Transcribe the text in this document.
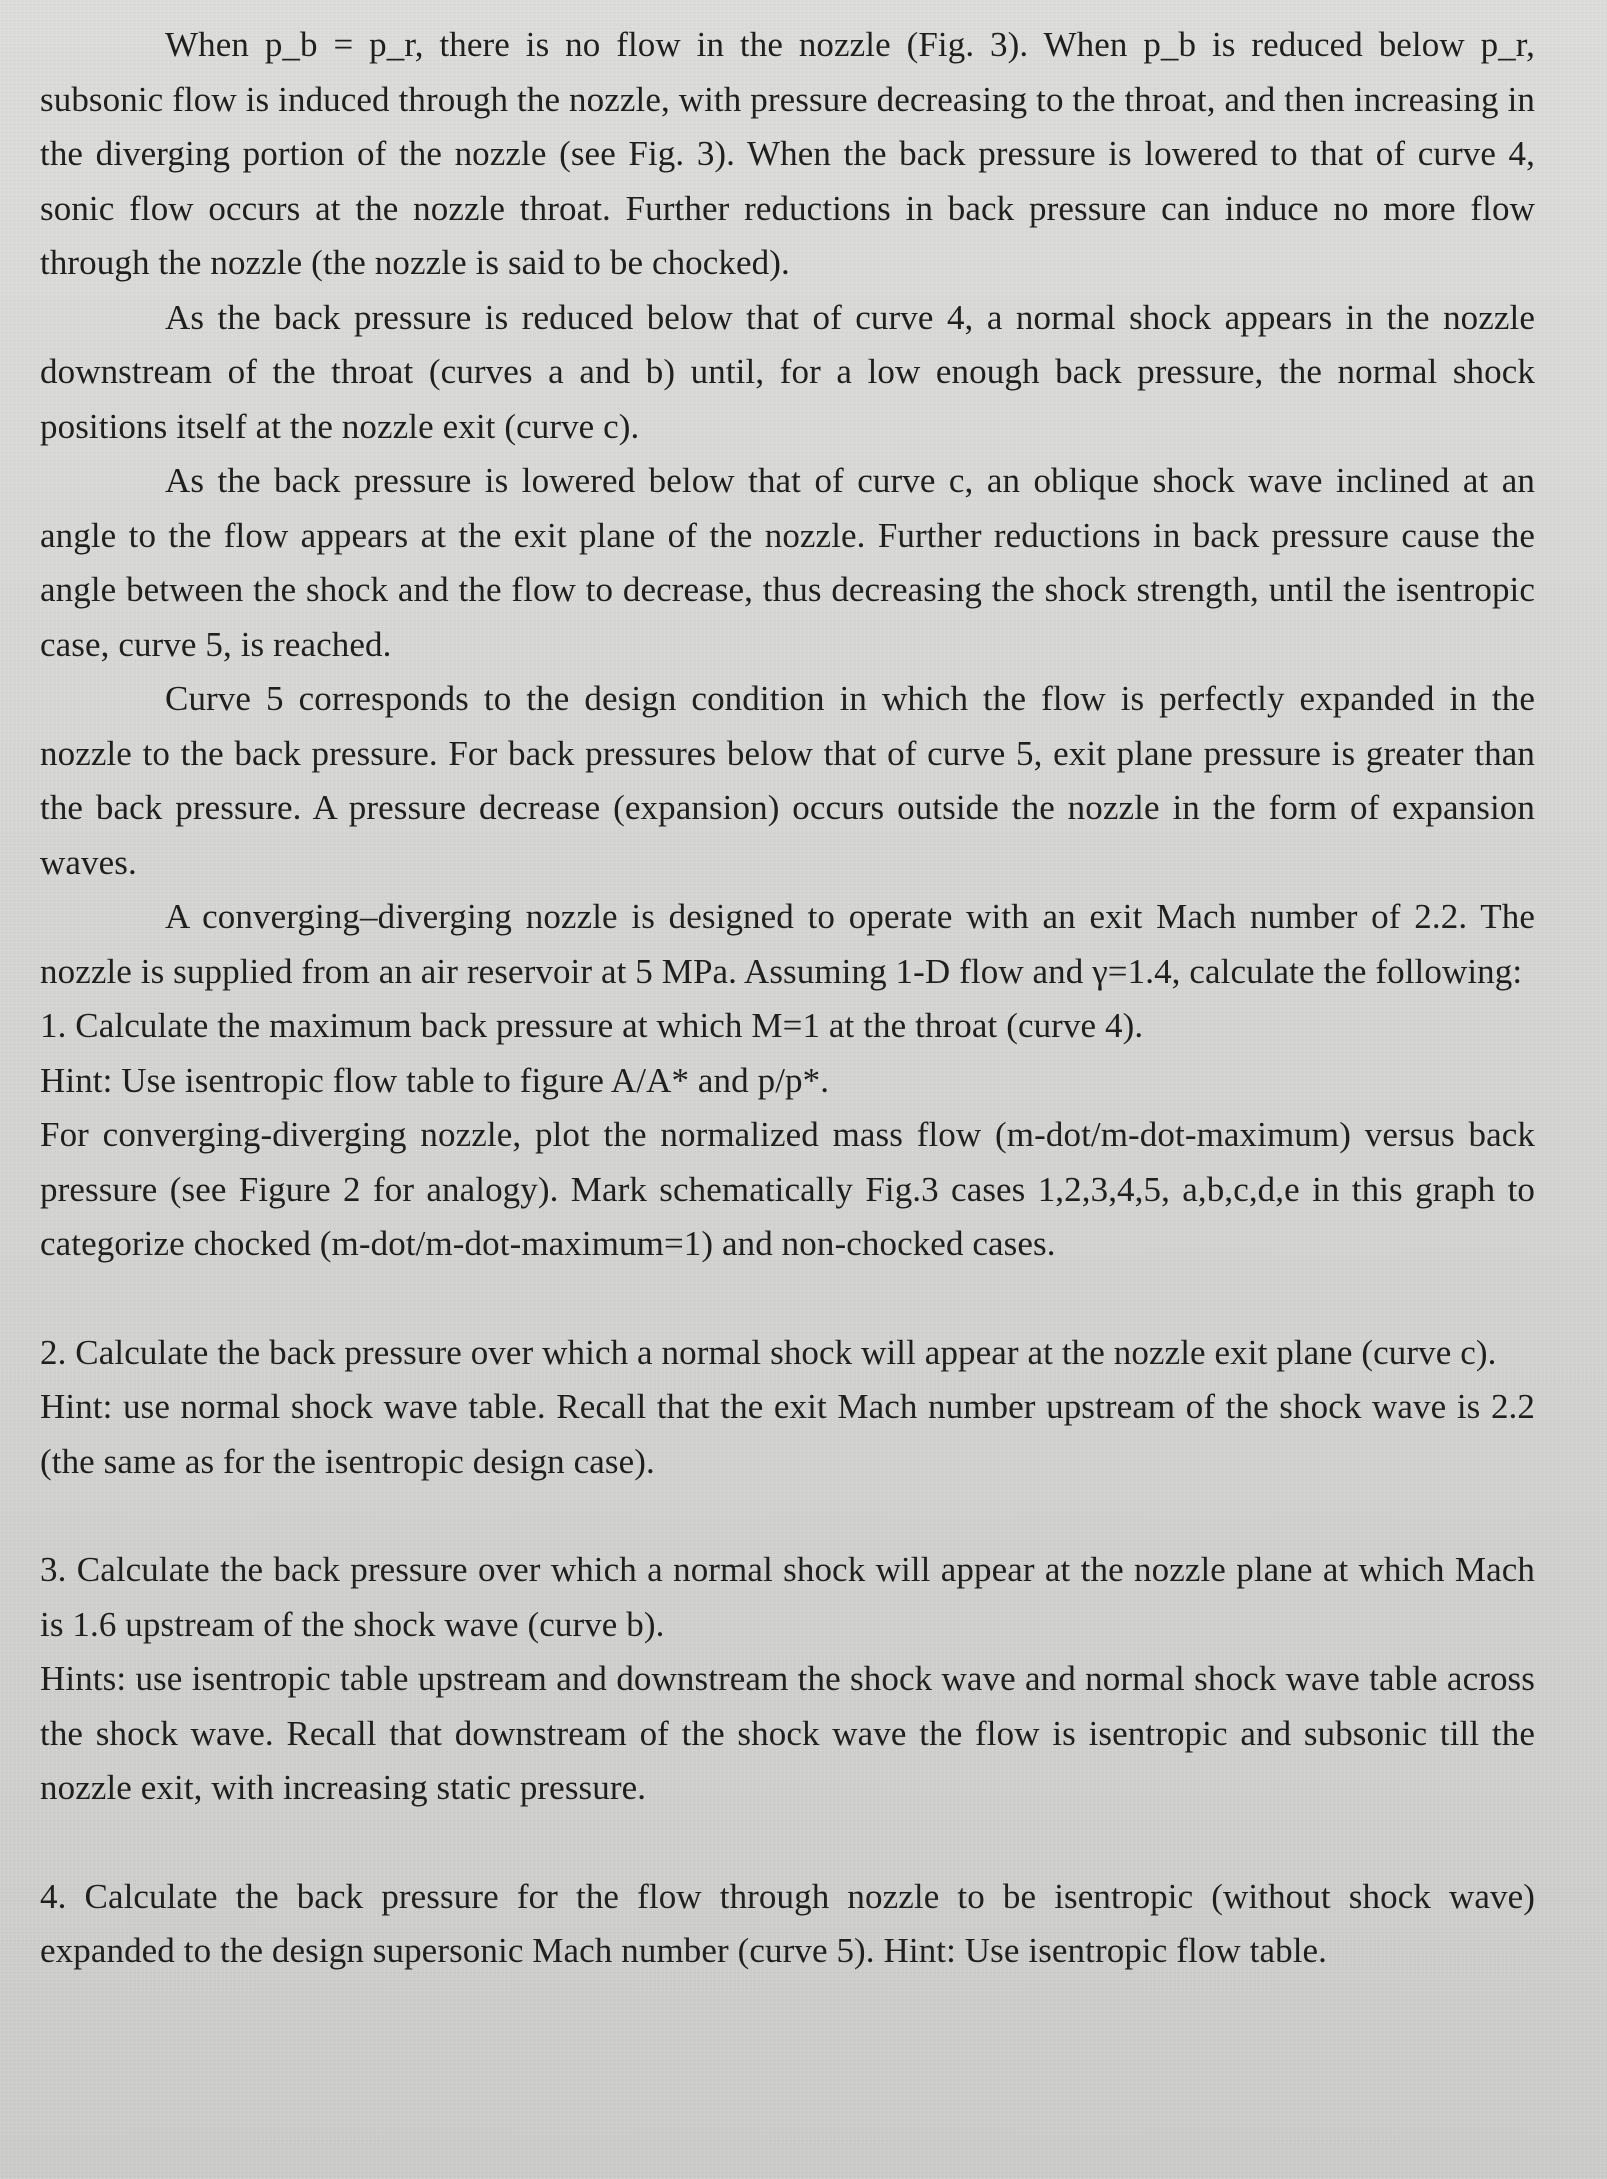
When p_b = p_r, there is no flow in the nozzle (Fig. 3). When p_b is reduced below p_r, subsonic flow is induced through the nozzle, with pressure decreasing to the throat, and then increasing in the diverging portion of the nozzle (see Fig. 3). When the back pressure is lowered to that of curve 4, sonic flow occurs at the nozzle throat. Further reductions in back pressure can induce no more flow through the nozzle (the nozzle is said to be chocked).

As the back pressure is reduced below that of curve 4, a normal shock appears in the nozzle downstream of the throat (curves a and b) until, for a low enough back pressure, the normal shock positions itself at the nozzle exit (curve c).

As the back pressure is lowered below that of curve c, an oblique shock wave inclined at an angle to the flow appears at the exit plane of the nozzle. Further reductions in back pressure cause the angle between the shock and the flow to decrease, thus decreasing the shock strength, until the isentropic case, curve 5, is reached.

Curve 5 corresponds to the design condition in which the flow is perfectly expanded in the nozzle to the back pressure. For back pressures below that of curve 5, exit plane pressure is greater than the back pressure. A pressure decrease (expansion) occurs outside the nozzle in the form of expansion waves.

A converging–diverging nozzle is designed to operate with an exit Mach number of 2.2. The nozzle is supplied from an air reservoir at 5 MPa. Assuming 1-D flow and γ=1.4, calculate the following:

1. Calculate the maximum back pressure at which M=1 at the throat (curve 4).

Hint: Use isentropic flow table to figure A/A* and p/p*.

For converging-diverging nozzle, plot the normalized mass flow (m-dot/m-dot-maximum) versus back pressure (see Figure 2 for analogy). Mark schematically Fig.3 cases 1,2,3,4,5, a,b,c,d,e in this graph to categorize chocked (m-dot/m-dot-maximum=1) and non-chocked cases.

2. Calculate the back pressure over which a normal shock will appear at the nozzle exit plane (curve c).

Hint: use normal shock wave table. Recall that the exit Mach number upstream of the shock wave is 2.2 (the same as for the isentropic design case).

3. Calculate the back pressure over which a normal shock will appear at the nozzle plane at which Mach is 1.6 upstream of the shock wave (curve b).

Hints: use isentropic table upstream and downstream the shock wave and normal shock wave table across the shock wave. Recall that downstream of the shock wave the flow is isentropic and subsonic till the nozzle exit, with increasing static pressure.

4. Calculate the back pressure for the flow through nozzle to be isentropic (without shock wave) expanded to the design supersonic Mach number (curve 5). Hint: Use isentropic flow table.
